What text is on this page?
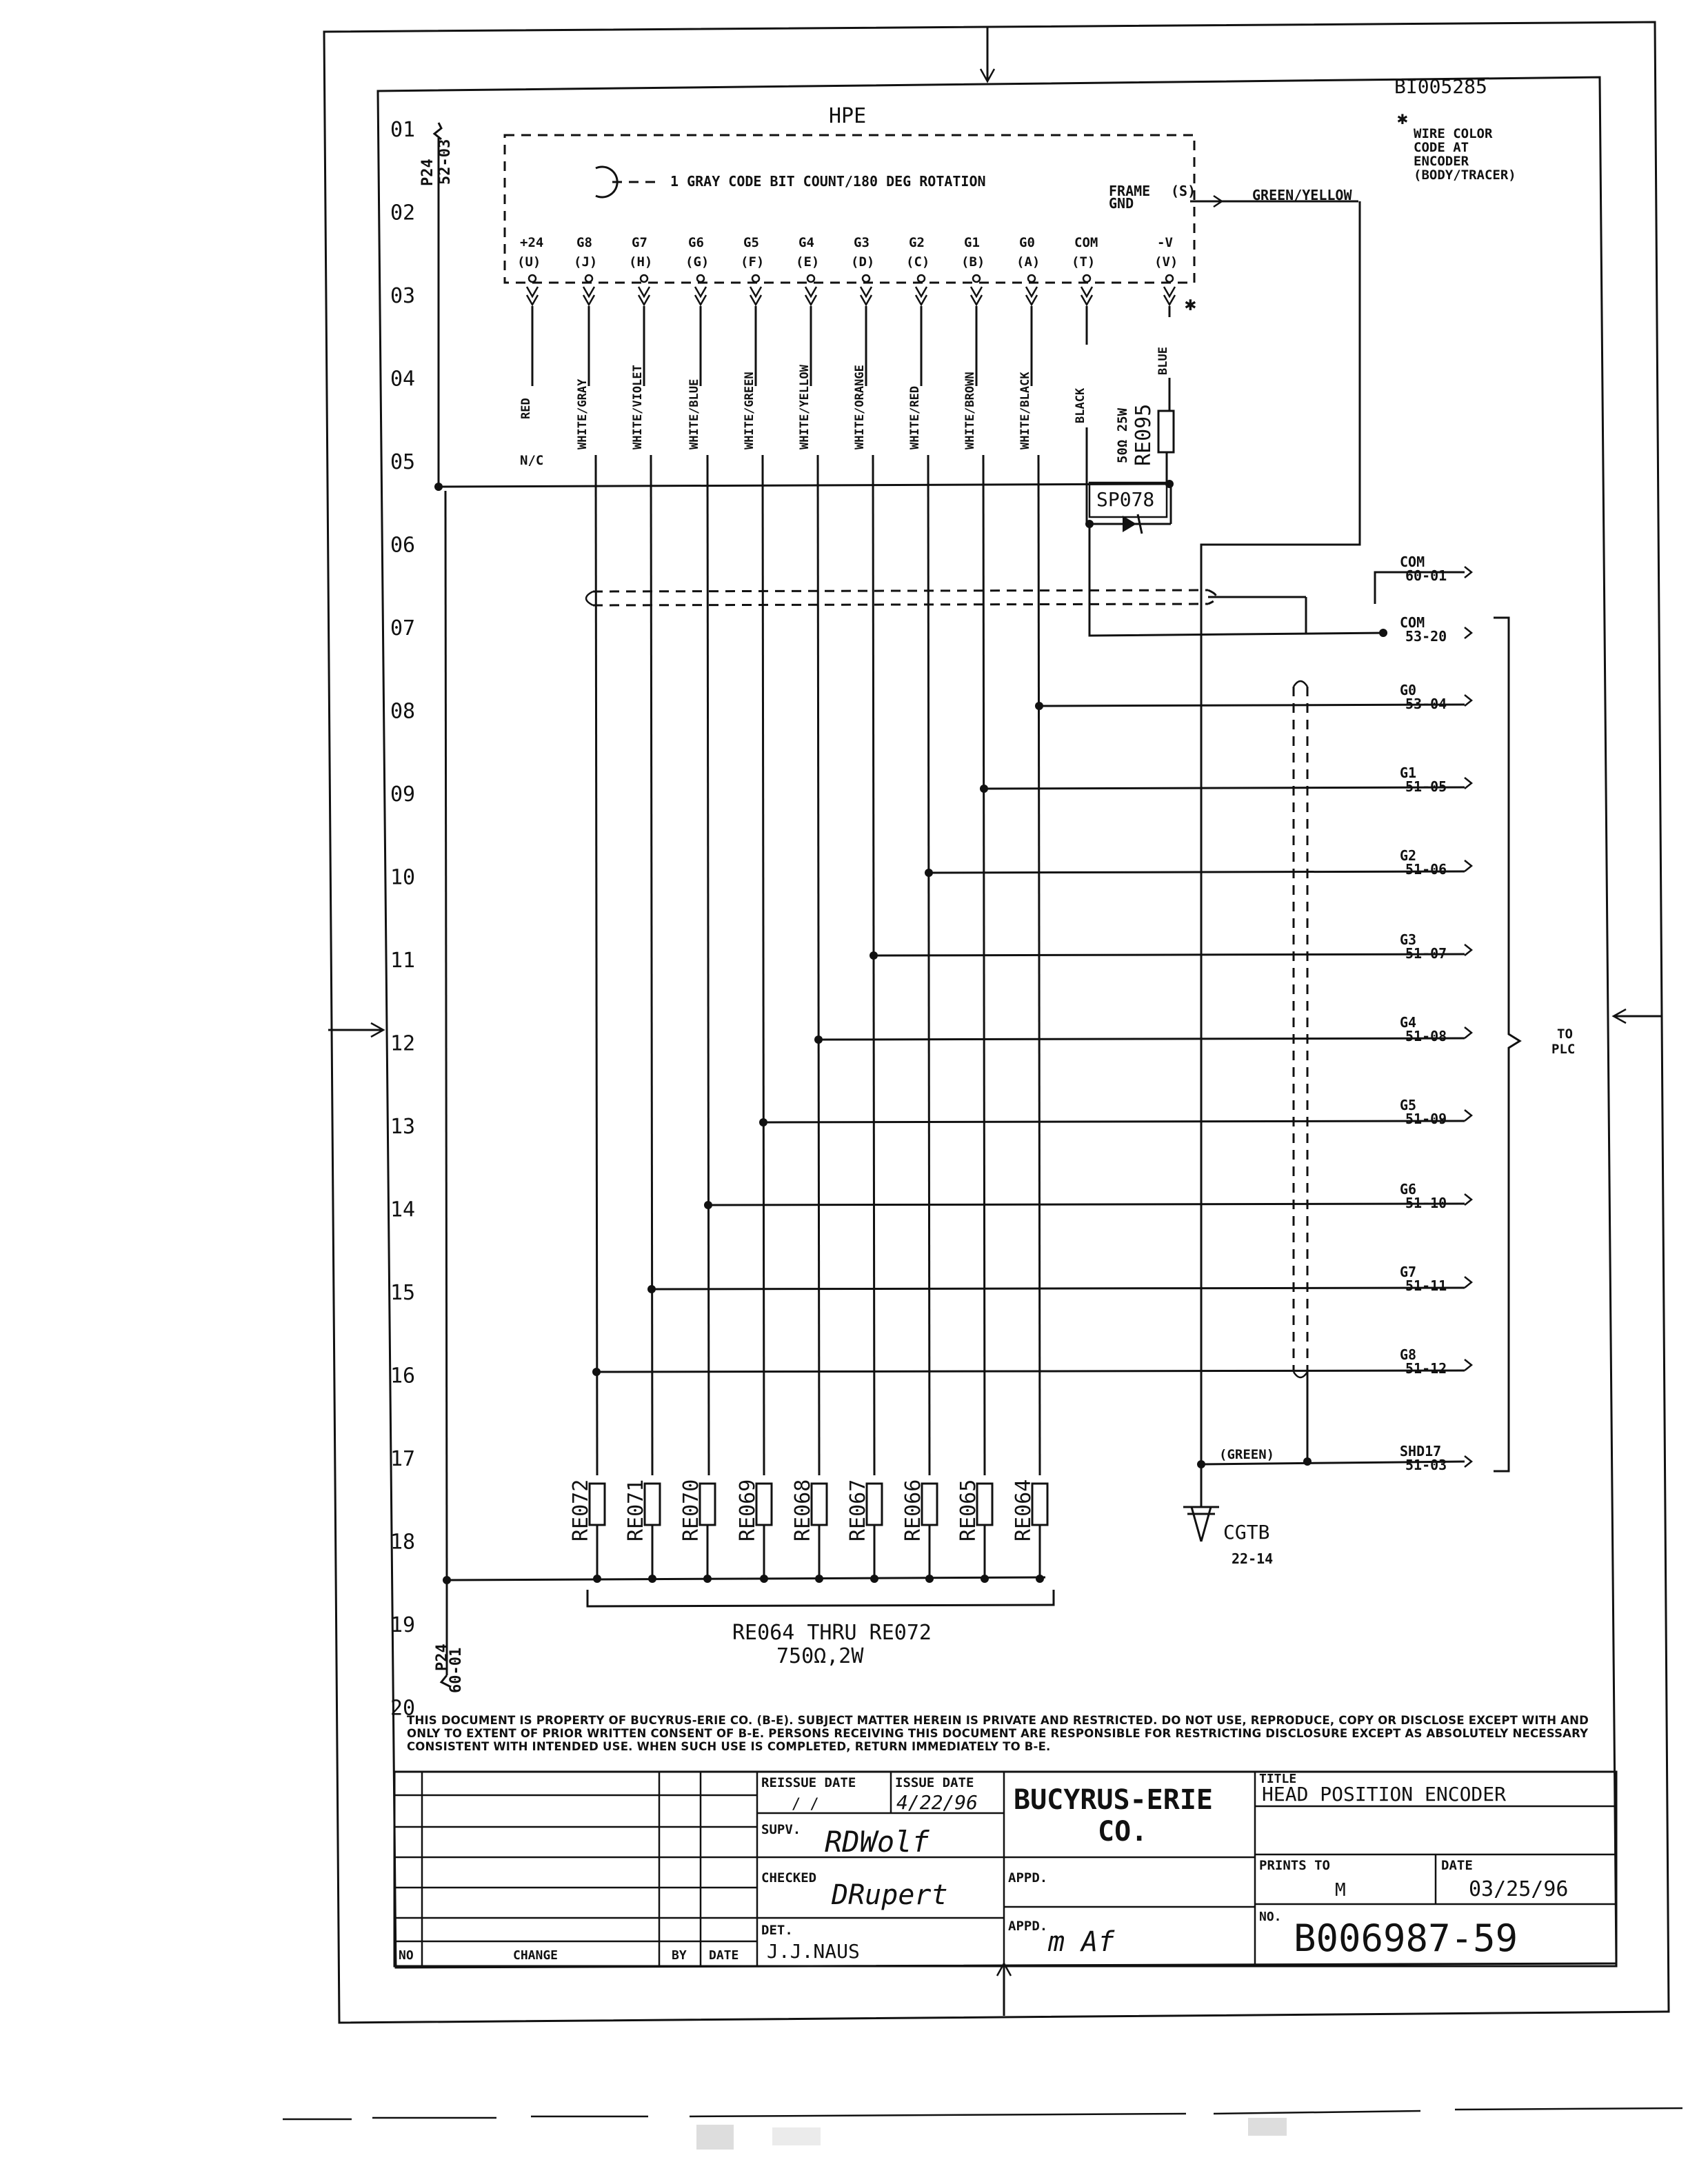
BI005285
✱
WIRE COLOR
CODE AT
ENCODER
(BODY/TRACER)
01
02
03
04
05
06
07
08
09
10
11
12
13
14
15
16
17
18
19
20
P24 52-03
P24
60-01
HPE
1 GRAY CODE BIT COUNT/180 DEG ROTATION
FRAME
GND
(S)	GREEN/YELLOW
+24
(U)
RED
G8
(J)
WHITE/GRAY
G7
(H)
WHITE/VIOLET
G6
(G)
WHITE/BLUE
G5
(F)
WHITE/GREEN
G4
(E)
WHITE/YELLOW
G3
(D)
WHITE/ORANGE
G2
(C)
WHITE/RED
G1
(B)
WHITE/BROWN
G0
(A)
WHITE/BLACK
COM
(T)
BLACK
-V
(V)
BLUE
N/C
✱
50Ω 25W RE095
SP078
(GREEN)
CGTB
22-14
COM
60-01
COM
53-20
G0
53-04
G1
51-05
G2
51-06
G3
51-07
G4
51-08
G5
51-09
G6
51-10
G7
51-11
G8
51-12
SHD17
51-03
TO
PLC
RE072 RE071 RE070 RE069 RE068 RE067 RE066 RE065 RE064
RE064 THRU RE072
750Ω,2W
NO	CHANGE	BY DATE
REISSUE DATE
/ /
ISSUE DATE
4/22/96 BUCYRUS-ERIE
CO.
TITLE
HEAD POSITION ENCODER
SUPV. RDWolf
CHECKED
DRupert
DET.
J.J.NAUS
APPD.
APPD. m Af
PRINTS TO
M
DATE
03/25/96
NO. B006987-59
THIS DOCUMENT IS PROPERTY OF BUCYRUS-ERIE CO. (B-E). SUBJECT MATTER HEREIN IS PRIVATE AND RESTRICTED. DO NOT USE, REPRODUCE, COPY OR DISCLOSE EXCEPT WITH AND ONLY TO EXTENT OF PRIOR WRITTEN CONSENT OF B-E. PERSONS RECEIVING THIS DOCUMENT ARE RESPONSIBLE FOR RESTRICTING DISCLOSURE EXCEPT AS ABSOLUTELY NECESSARY CONSISTENT WITH INTENDED USE. WHEN SUCH USE IS COMPLETED, RETURN IMMEDIATELY TO B-E.
